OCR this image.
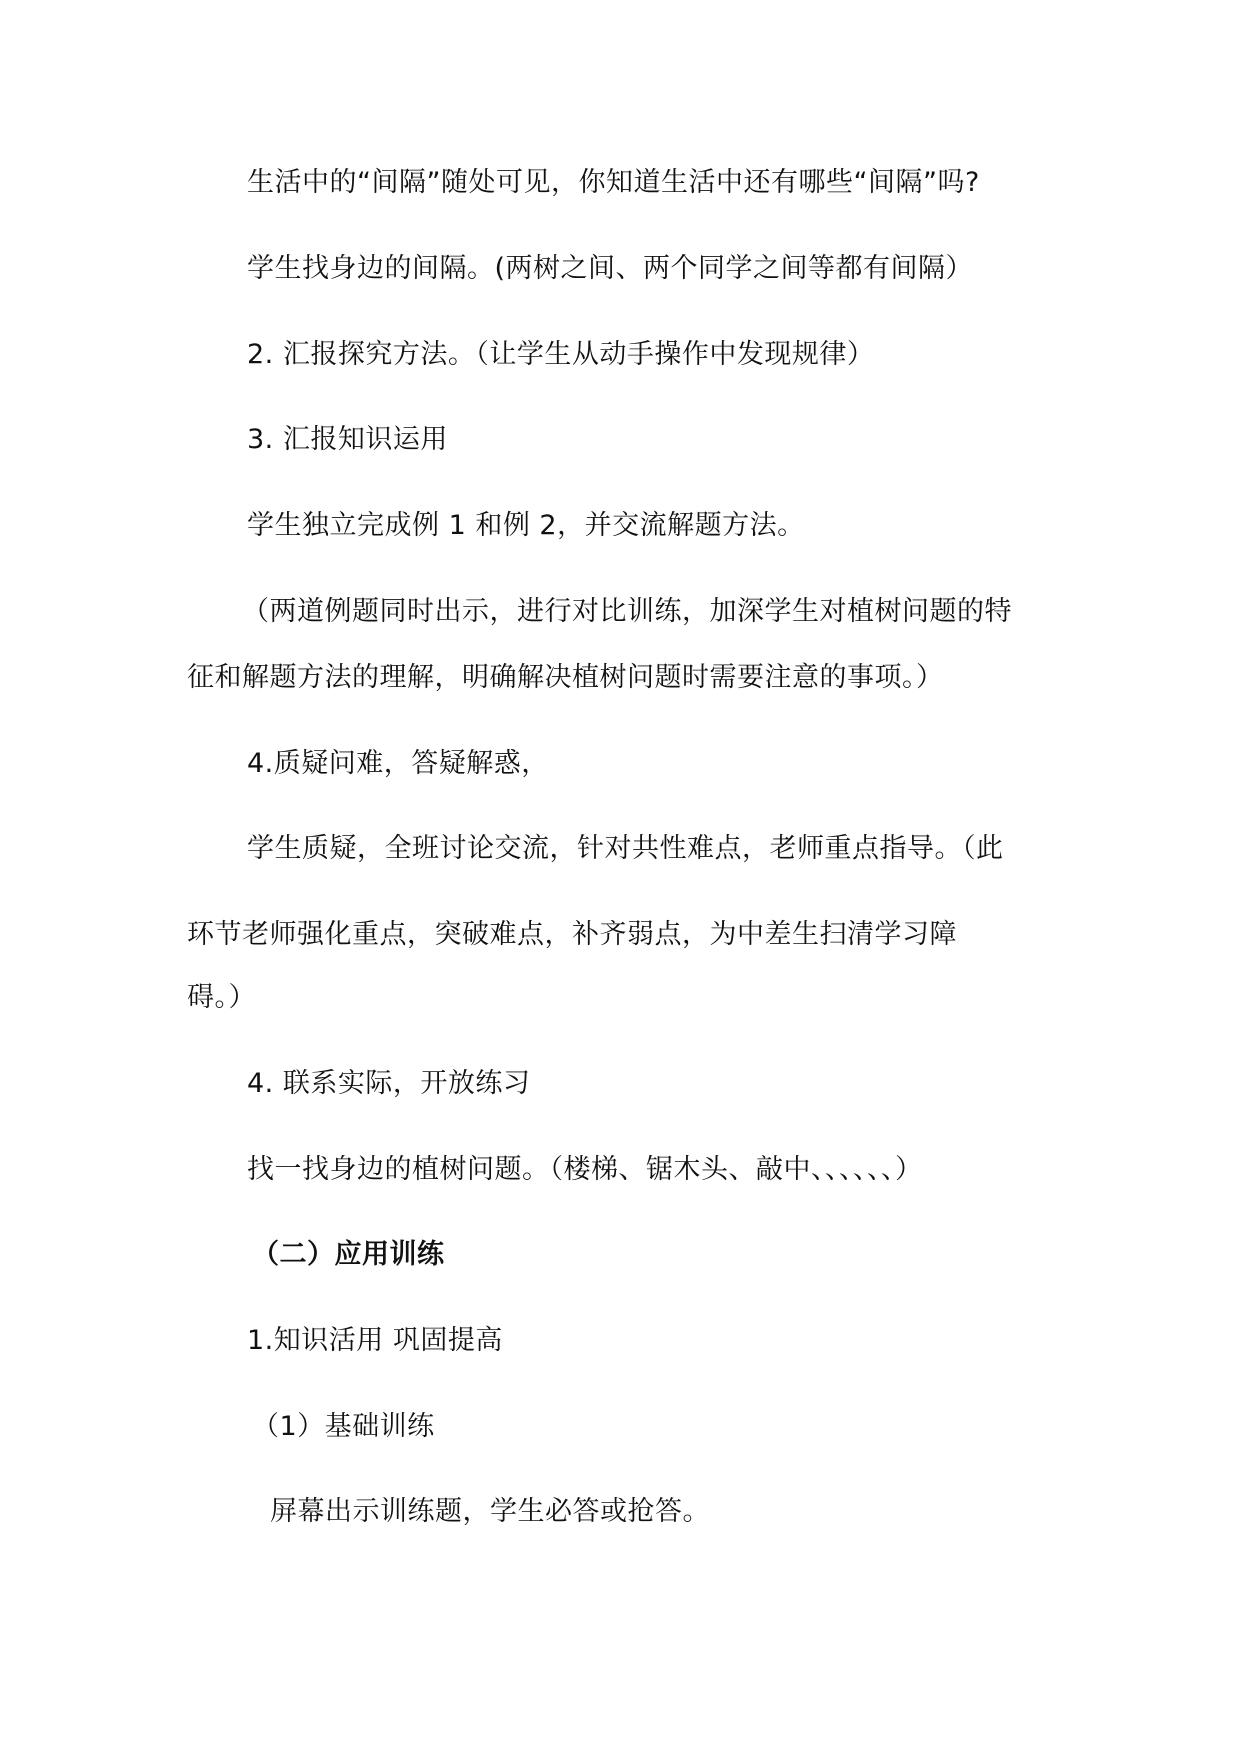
生活中的“间隔”随处可见，你知道生活中还有哪些“间隔”吗?
学生找身边的间隔。(两树之间、两个同学之间等都有间隔）
2. 汇报探究方法。（让学生从动手操作中发现规律）
3. 汇报知识运用
学生独立完成例 1 和例 2，并交流解题方法。
（两道例题同时出示，进行对比训练，加深学生对植树问题的特
征和解题方法的理解，明确解决植树问题时需要注意的事项。）
4.质疑问难，答疑解惑，
学生质疑，全班讨论交流，针对共性难点，老师重点指导。（此
环节老师强化重点，突破难点，补齐弱点，为中差生扫清学习障
碍。）
4. 联系实际，开放练习
找一找身边的植树问题。（楼梯、锯木头、敲中、、、、、、）
（二）应用训练
1.知识活用 巩固提高
（1）基础训练
屏幕出示训练题，学生必答或抢答。
